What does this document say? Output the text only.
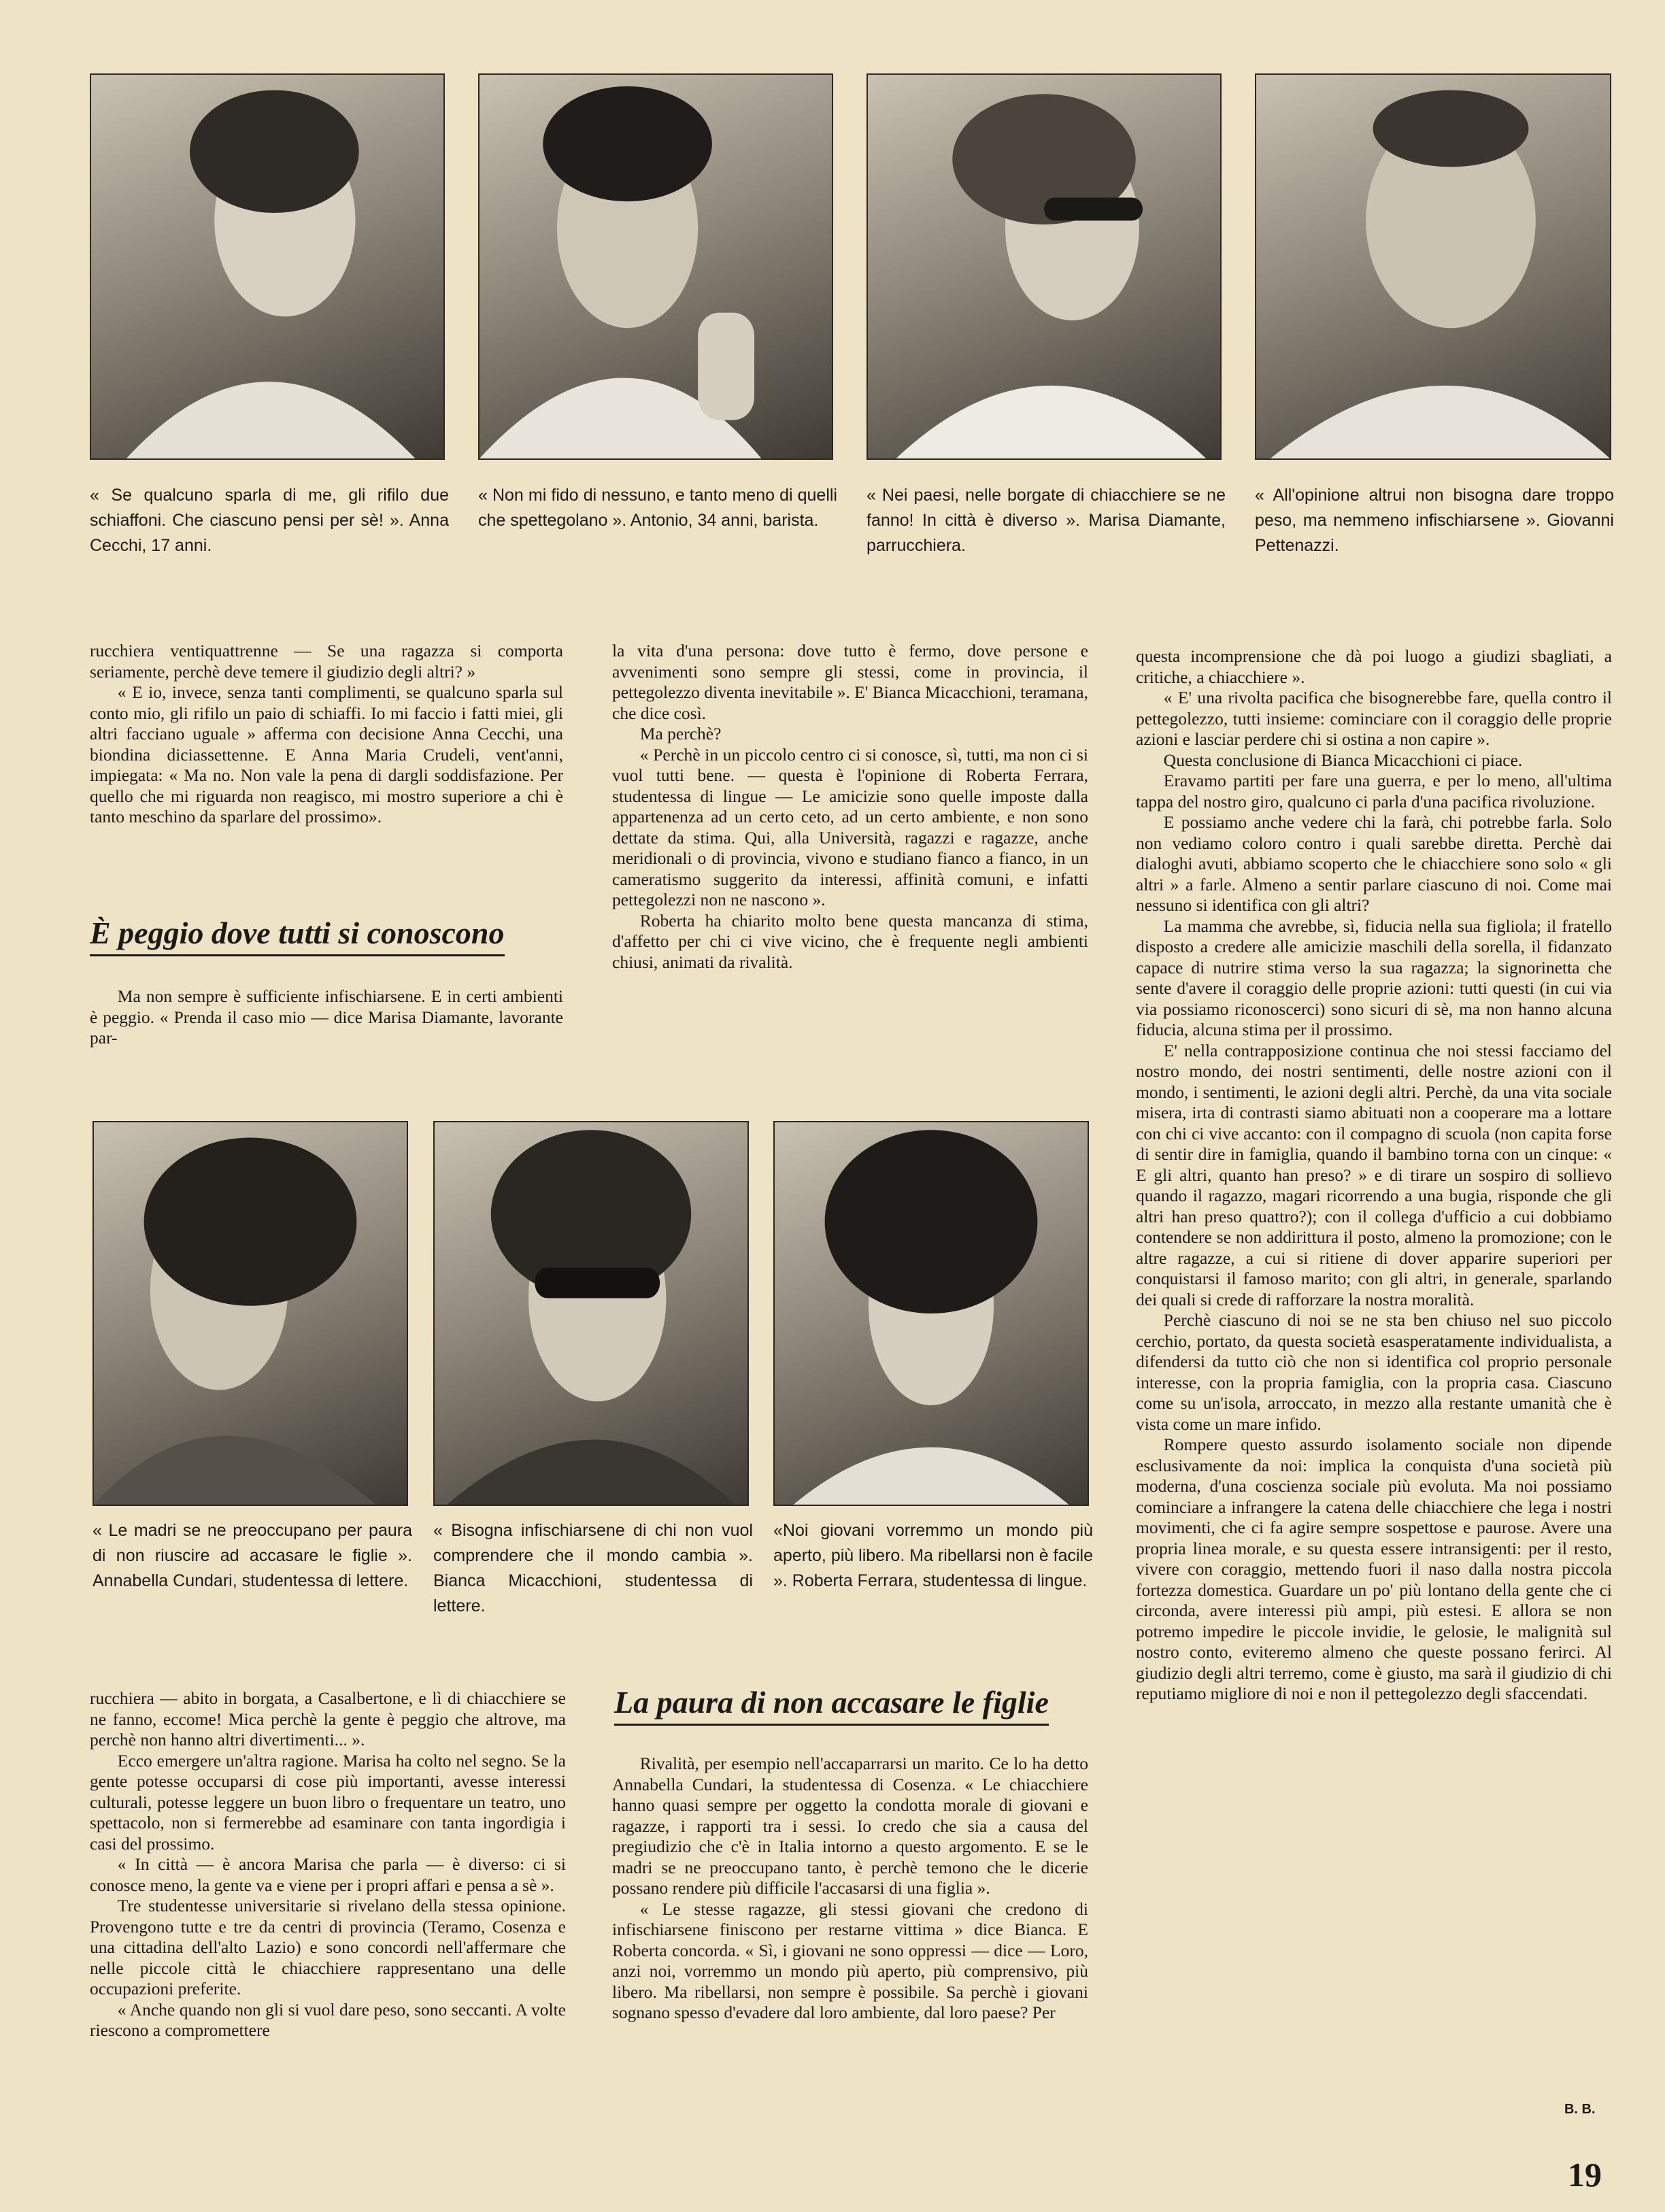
« Se qualcuno sparla di me, gli rifilo due schiaffoni. Che ciascuno pensi per sè! ». Anna Cecchi, 17 anni.

« Non mi fido di nessuno, e tanto meno di quelli che spettegolano ». Antonio, 34 anni, barista.

« Nei paesi, nelle borgate di chiacchiere se ne fanno! In città è diverso ». Marisa Diamante, parrucchiera.

« All'opinione altrui non bisogna dare troppo peso, ma nemmeno infischiarsene ». Giovanni Pettenazzi.

rucchiera ventiquattrenne — Se una ragazza si comporta seriamente, perchè deve temere il giudizio degli altri? »

« E io, invece, senza tanti complimenti, se qualcuno sparla sul conto mio, gli rifilo un paio di schiaffi. Io mi faccio i fatti miei, gli altri facciano uguale » afferma con decisione Anna Cecchi, una biondina diciassettenne. E Anna Maria Crudeli, vent'anni, impiegata: « Ma no. Non vale la pena di dargli soddisfazione. Per quello che mi riguarda non reagisco, mi mostro superiore a chi è tanto meschino da sparlare del prossimo».

È peggio dove tutti si conoscono

Ma non sempre è sufficiente infischiarsene. E in certi ambienti è peggio. « Prenda il caso mio — dice Marisa Diamante, lavorante par-

la vita d'una persona: dove tutto è fermo, dove persone e avvenimenti sono sempre gli stessi, come in provincia, il pettegolezzo diventa inevitabile ». E' Bianca Micacchioni, teramana, che dice così.

Ma perchè?

« Perchè in un piccolo centro ci si conosce, sì, tutti, ma non ci si vuol tutti bene. — questa è l'opinione di Roberta Ferrara, studentessa di lingue — Le amicizie sono quelle imposte dalla appartenenza ad un certo ceto, ad un certo ambiente, e non sono dettate da stima. Qui, alla Università, ragazzi e ragazze, anche meridionali o di provincia, vivono e studiano fianco a fianco, in un cameratismo suggerito da interessi, affinità comuni, e infatti pettegolezzi non ne nascono ».

Roberta ha chiarito molto bene questa mancanza di stima, d'affetto per chi ci vive vicino, che è frequente negli ambienti chiusi, animati da rivalità.

questa incomprensione che dà poi luogo a giudizi sbagliati, a critiche, a chiacchiere ».

« E' una rivolta pacifica che bisognerebbe fare, quella contro il pettegolezzo, tutti insieme: cominciare con il coraggio delle proprie azioni e lasciar perdere chi si ostina a non capire ».

Questa conclusione di Bianca Micacchioni ci piace.

Eravamo partiti per fare una guerra, e per lo meno, all'ultima tappa del nostro giro, qualcuno ci parla d'una pacifica rivoluzione.

E possiamo anche vedere chi la farà, chi potrebbe farla. Solo non vediamo coloro contro i quali sarebbe diretta. Perchè dai dialoghi avuti, abbiamo scoperto che le chiacchiere sono solo « gli altri » a farle. Almeno a sentir parlare ciascuno di noi. Come mai nessuno si identifica con gli altri?

La mamma che avrebbe, sì, fiducia nella sua figliola; il fratello disposto a credere alle amicizie maschili della sorella, il fidanzato capace di nutrire stima verso la sua ragazza; la signorinetta che sente d'avere il coraggio delle proprie azioni: tutti questi (in cui via via possiamo riconoscerci) sono sicuri di sè, ma non hanno alcuna fiducia, alcuna stima per il prossimo.

E' nella contrapposizione continua che noi stessi facciamo del nostro mondo, dei nostri sentimenti, delle nostre azioni con il mondo, i sentimenti, le azioni degli altri. Perchè, da una vita sociale misera, irta di contrasti siamo abituati non a cooperare ma a lottare con chi ci vive accanto: con il compagno di scuola (non capita forse di sentir dire in famiglia, quando il bambino torna con un cinque: « E gli altri, quanto han preso? » e di tirare un sospiro di sollievo quando il ragazzo, magari ricorrendo a una bugia, risponde che gli altri han preso quattro?); con il collega d'ufficio a cui dobbiamo contendere se non addirittura il posto, almeno la promozione; con le altre ragazze, a cui si ritiene di dover apparire superiori per conquistarsi il famoso marito; con gli altri, in generale, sparlando dei quali si crede di rafforzare la nostra moralità.

Perchè ciascuno di noi se ne sta ben chiuso nel suo piccolo cerchio, portato, da questa società esasperatamente individualista, a difendersi da tutto ciò che non si identifica col proprio personale interesse, con la propria famiglia, con la propria casa. Ciascuno come su un'isola, arroccato, in mezzo alla restante umanità che è vista come un mare infido.

Rompere questo assurdo isolamento sociale non dipende esclusivamente da noi: implica la conquista d'una società più moderna, d'una coscienza sociale più evoluta. Ma noi possiamo cominciare a infrangere la catena delle chiacchiere che lega i nostri movimenti, che ci fa agire sempre sospettose e paurose. Avere una propria linea morale, e su questa essere intransigenti: per il resto, vivere con coraggio, mettendo fuori il naso dalla nostra piccola fortezza domestica. Guardare un po' più lontano della gente che ci circonda, avere interessi più ampi, più estesi. E allora se non potremo impedire le piccole invidie, le gelosie, le malignità sul nostro conto, eviteremo almeno che queste possano ferirci. Al giudizio degli altri terremo, come è giusto, ma sarà il giudizio di chi reputiamo migliore di noi e non il pettegolezzo degli sfaccendati.

« Le madri se ne preoccupano per paura di non riuscire ad accasare le figlie ». Annabella Cundari, studentessa di lettere.

« Bisogna infischiarsene di chi non vuol comprendere che il mondo cambia ». Bianca Micacchioni, studentessa di lettere.

«Noi giovani vorremmo un mondo più aperto, più libero. Ma ribellarsi non è facile ». Roberta Ferrara, studentessa di lingue.

rucchiera — abito in borgata, a Casalbertone, e lì di chiacchiere se ne fanno, eccome! Mica perchè la gente è peggio che altrove, ma perchè non hanno altri divertimenti... ».

Ecco emergere un'altra ragione. Marisa ha colto nel segno. Se la gente potesse occuparsi di cose più importanti, avesse interessi culturali, potesse leggere un buon libro o frequentare un teatro, uno spettacolo, non si fermerebbe ad esaminare con tanta ingordigia i casi del prossimo.

« In città — è ancora Marisa che parla — è diverso: ci si conosce meno, la gente va e viene per i propri affari e pensa a sè ».

Tre studentesse universitarie si rivelano della stessa opinione. Provengono tutte e tre da centri di provincia (Teramo, Cosenza e una cittadina dell'alto Lazio) e sono concordi nell'affermare che nelle piccole città le chiacchiere rappresentano una delle occupazioni preferite.

« Anche quando non gli si vuol dare peso, sono seccanti. A volte riescono a compromettere

La paura di non accasare le figlie

Rivalità, per esempio nell'accaparrarsi un marito. Ce lo ha detto Annabella Cundari, la studentessa di Cosenza. « Le chiacchiere hanno quasi sempre per oggetto la condotta morale di giovani e ragazze, i rapporti tra i sessi. Io credo che sia a causa del pregiudizio che c'è in Italia intorno a questo argomento. E se le madri se ne preoccupano tanto, è perchè temono che le dicerie possano rendere più difficile l'accasarsi di una figlia ».

« Le stesse ragazze, gli stessi giovani che credono di infischiarsene finiscono per restarne vittima » dice Bianca. E Roberta concorda. « Sì, i giovani ne sono oppressi — dice — Loro, anzi noi, vorremmo un mondo più aperto, più comprensivo, più libero. Ma ribellarsi, non sempre è possibile. Sa perchè i giovani sognano spesso d'evadere dal loro ambiente, dal loro paese? Per

B. B.
19
